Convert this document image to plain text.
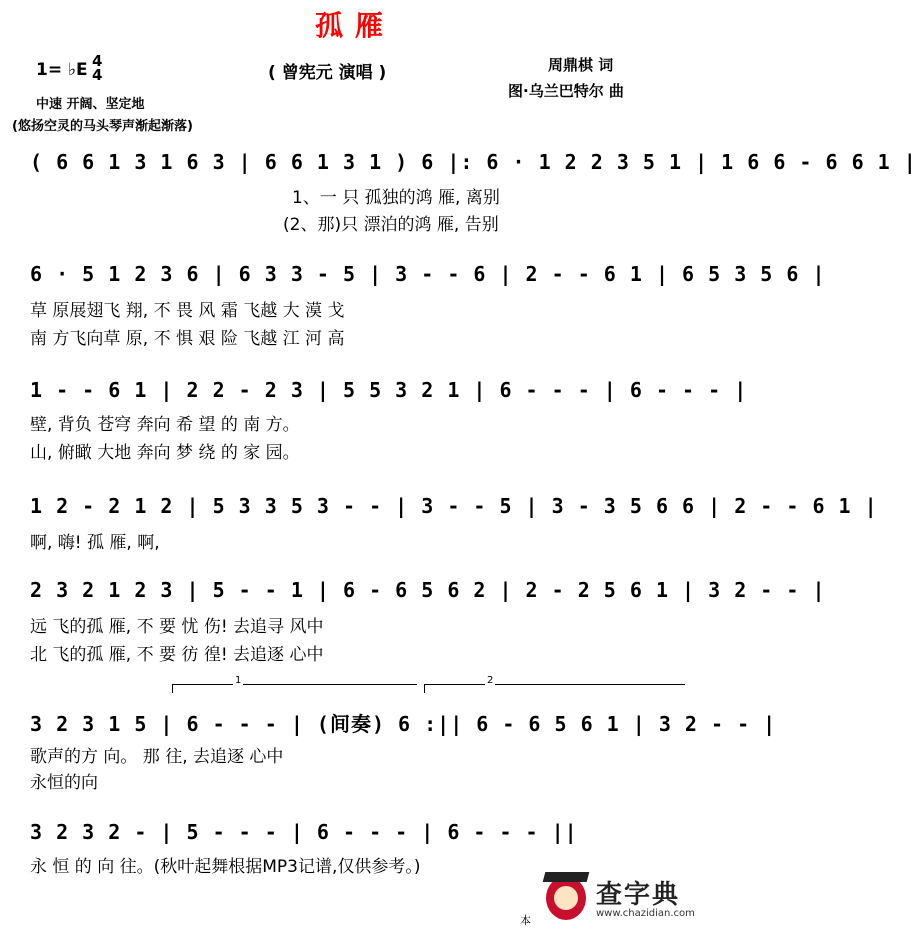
孤雁
1= ♭E 4
4	( 曾宪元 演唱 )	周鼎棋 词
图·乌兰巴特尔 曲
中速 开阔、坚定地
(悠扬空灵的马头琴声渐起渐落)
( 6 6 1 3 1 6 3 | 6 6 1 3 1 ) 6 |: 6 · 1 2 2 3 5 1 | 1 6 6 - 6 6 1 |
1、一 只 孤独的鸿 雁, 离别
(2、那)只 漂泊的鸿 雁, 告别
6 · 5 1 2 3 6 | 6 3 3 - 5 | 3 - - 6 | 2 - - 6 1 | 6 5 3 5 6 |
草 原展翅飞 翔, 不 畏 风 霜 飞越 大 漠 戈
南 方飞向草 原, 不 惧 艰 险 飞越 江 河 高
1 - - 6 1 | 2 2 - 2 3 | 5 5 3 2 1 | 6 - - - | 6 - - - |
壁, 背负 苍穹 奔向 希 望 的 南 方。
山, 俯瞰 大地 奔向 梦 绕 的 家 园。
1 2 - 2 1 2 | 5 3 3 5 3 - - | 3 - - 5 | 3 - 3 5 6 6 | 2 - - 6 1 |
啊, 嗨! 孤 雁, 啊,
2 3 2 1 2 3 | 5 - - 1 | 6 - 6 5 6 2 | 2 - 2 5 6 1 | 3 2 - - |
远 飞的孤 雁, 不 要 忧 伤! 去追寻 风中
北 飞的孤 雁, 不 要 彷 徨! 去追逐 心中
1	2
3 2 3 1 5 | 6 - - - | (间奏) 6 :|| 6 - 6 5 6 1 | 3 2 - - |
歌声的方 向。 那 往, 去追逐 心中
永恒的向
3 2 3 2 - | 5 - - - | 6 - - - | 6 - - - ||
永 恒 的 向 往。(秋叶起舞根据MP3记谱,仅供参考。)
本
查字典
www.chazidian.com
